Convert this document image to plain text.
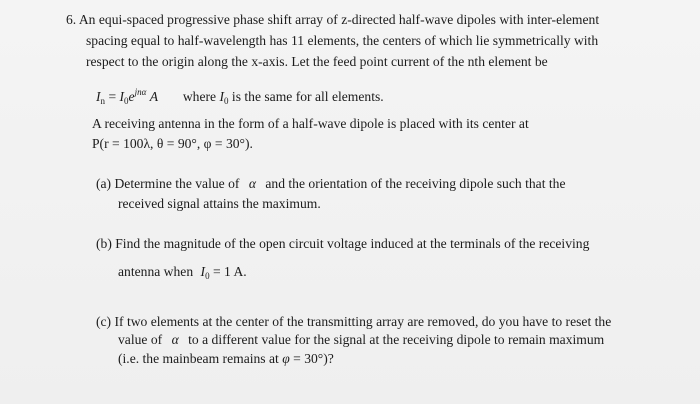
6. An equi-spaced progressive phase shift array of z-directed half-wave dipoles with inter-element
spacing equal to half-wavelength has 11 elements, the centers of which lie symmetrically with
respect to the origin along the x-axis. Let the feed point current of the nth element be
$I_n = I_0e^{jn\alpha}$ A where $I_0$ is the same for all elements.
A receiving antenna in the form of a half-wave dipole is placed with its center at
P(r = 100λ, θ = 90°, φ = 30°).
(a) Determine the value of α and the orientation of the receiving dipole such that the
received signal attains the maximum.
(b) Find the magnitude of the open circuit voltage induced at the terminals of the receiving
antenna when $I_0 = 1$ A.
(c) If two elements at the center of the transmitting array are removed, do you have to reset the
value of α to a different value for the signal at the receiving dipole to remain maximum
(i.e. the mainbeam remains at φ = 30°)?
